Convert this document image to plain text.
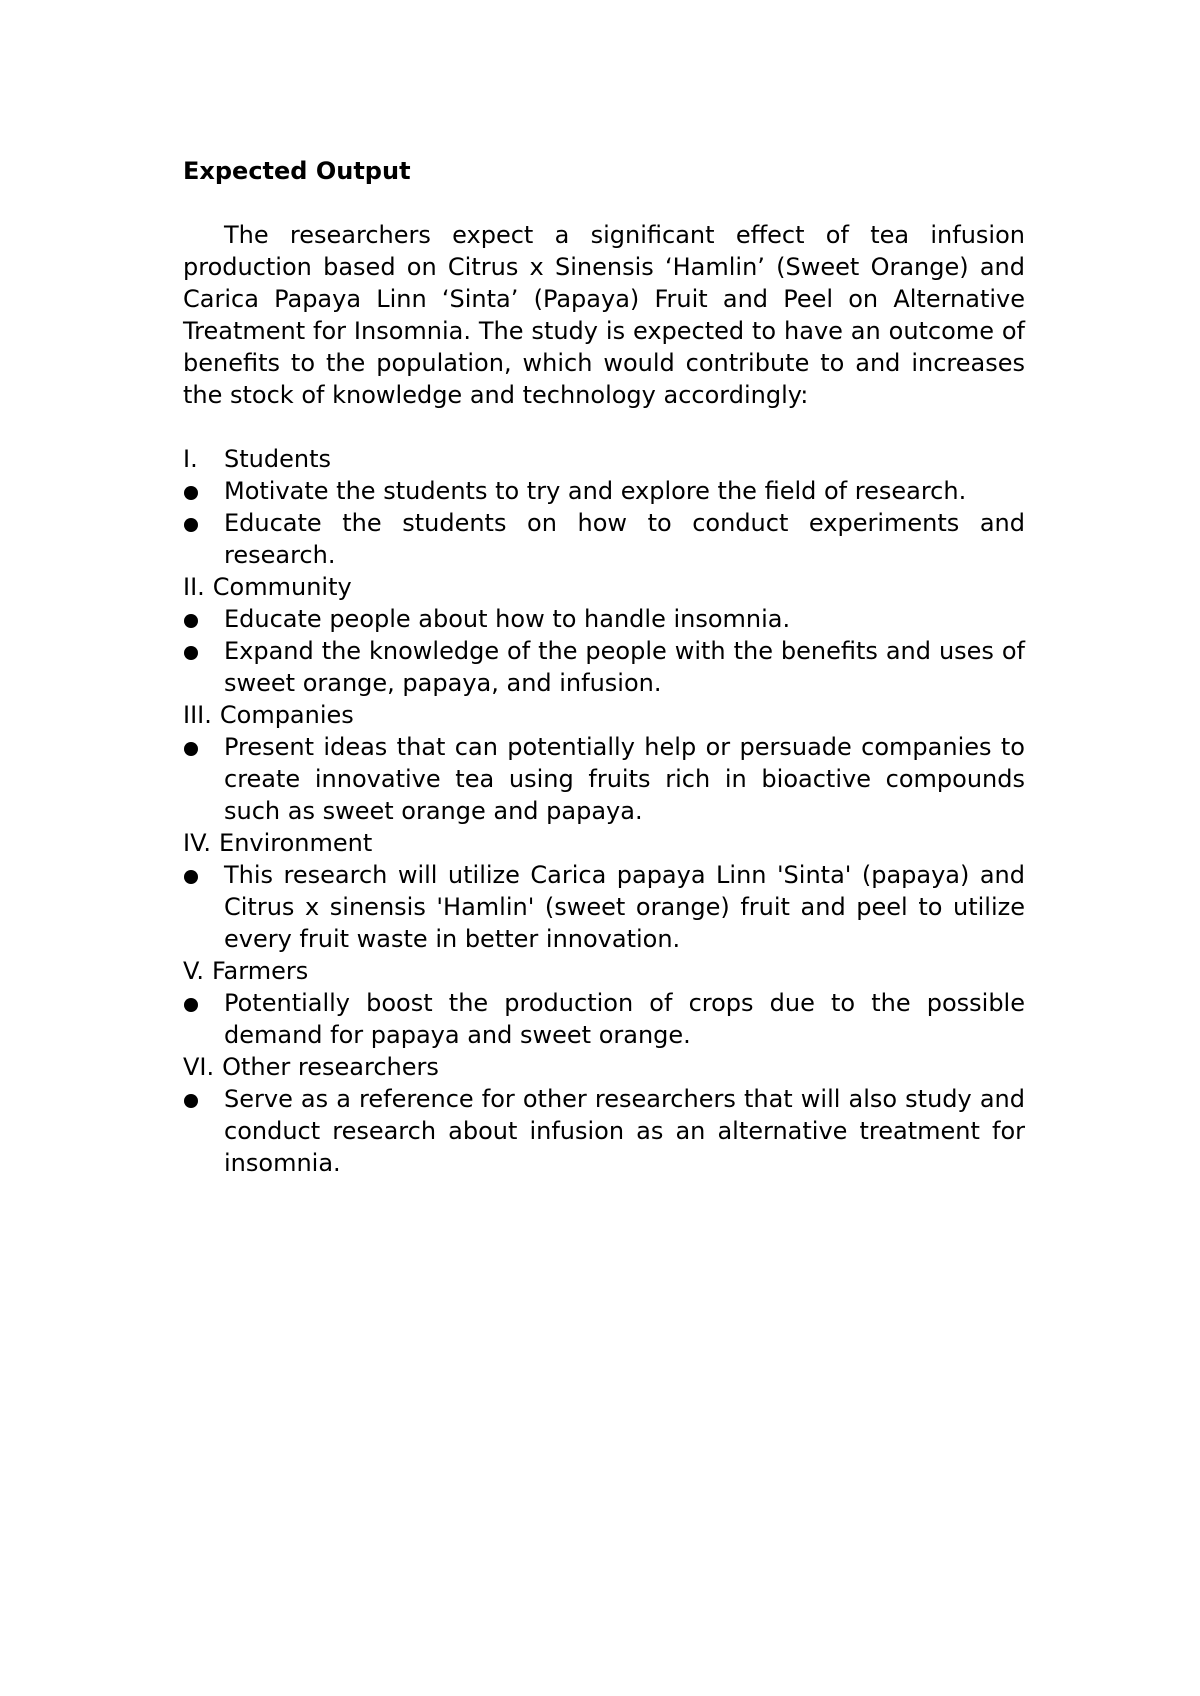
Expected Output

The researchers expect a significant effect of tea infusion production based on Citrus x Sinensis ‘Hamlin’ (Sweet Orange) and Carica Papaya Linn ‘Sinta’ (Papaya) Fruit and Peel on Alternative Treatment for Insomnia. The study is expected to have an outcome of benefits to the population, which would contribute to and increases the stock of knowledge and technology accordingly:

I.	Students
Motivate the students to try and explore the field of research.
Educate the students on how to conduct experiments and research.
II. Community
Educate people about how to handle insomnia.
Expand the knowledge of the people with the benefits and uses of sweet orange, papaya, and infusion.
III. Companies
Present ideas that can potentially help or persuade companies to create innovative tea using fruits rich in bioactive compounds such as sweet orange and papaya.
IV. Environment
This research will utilize Carica papaya Linn 'Sinta' (papaya) and Citrus x sinensis 'Hamlin' (sweet orange) fruit and peel to utilize every fruit waste in better innovation.
V. Farmers
Potentially boost the production of crops due to the possible demand for papaya and sweet orange.
VI. Other researchers
Serve as a reference for other researchers that will also study and conduct research about infusion as an alternative treatment for insomnia.
